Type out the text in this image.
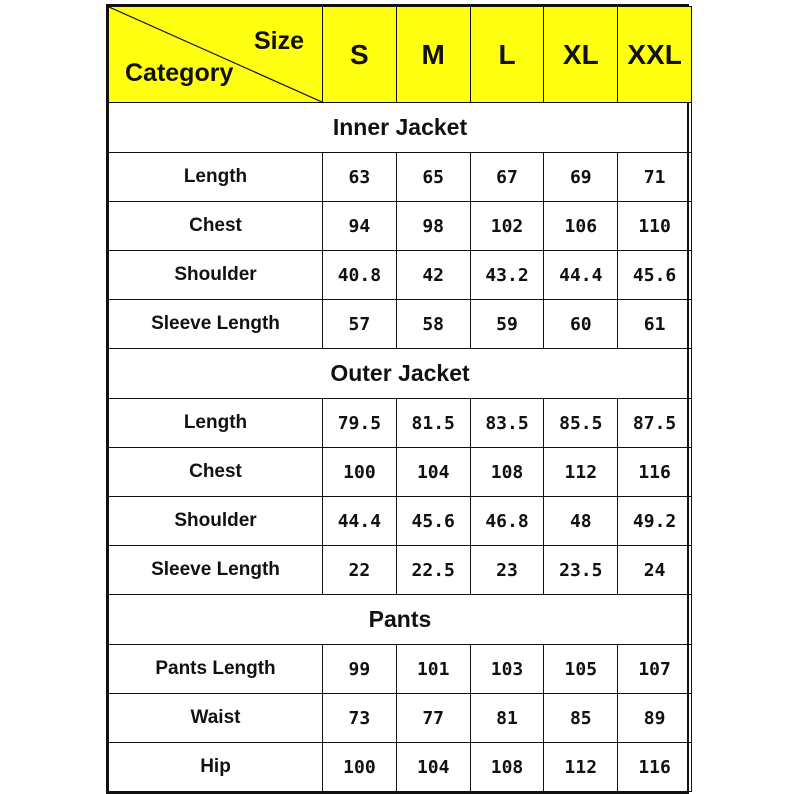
Size
Category	S	M	L	XL	XXL
Inner Jacket					
Length	63	65	67	69	71
Chest	94	98	102	106	110
Shoulder	40.8	42	43.2	44.4	45.6
Sleeve Length	57	58	59	60	61
Outer Jacket					
Length	79.5	81.5	83.5	85.5	87.5
Chest	100	104	108	112	116
Shoulder	44.4	45.6	46.8	48	49.2
Sleeve Length	22	22.5	23	23.5	24
Pants					
Pants Length	99	101	103	105	107
Waist	73	77	81	85	89
Hip	100	104	108	112	116
